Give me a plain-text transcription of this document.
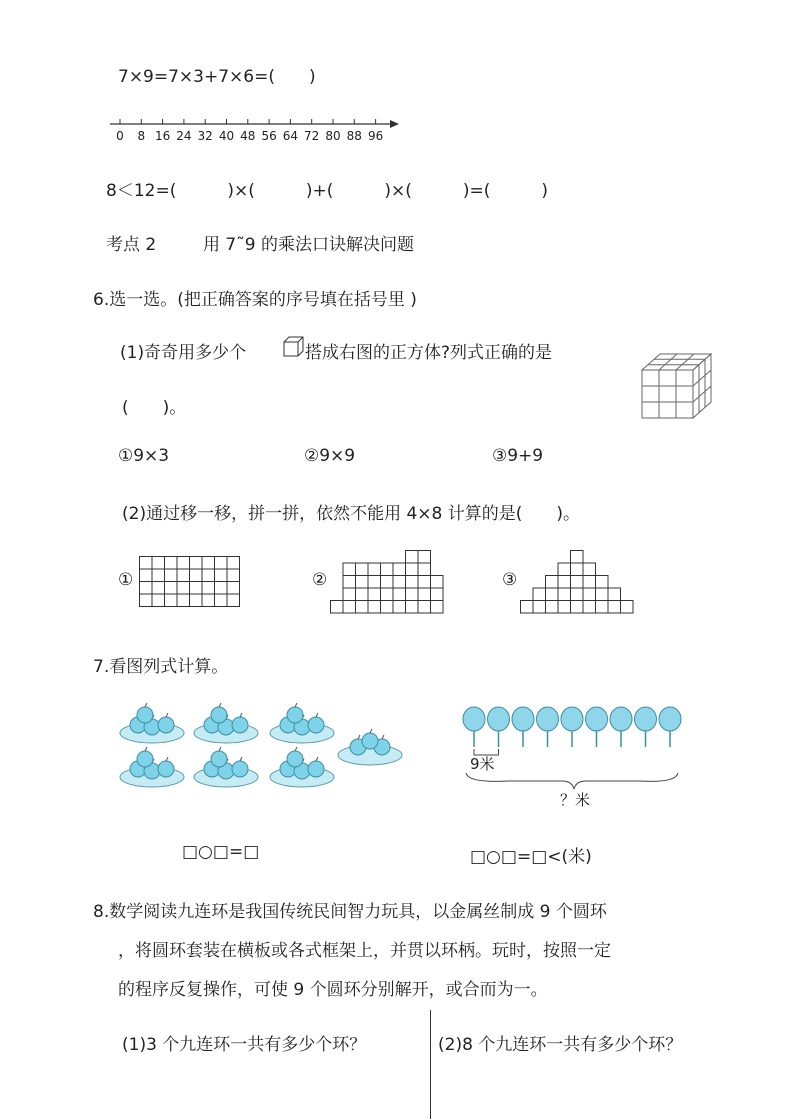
7×9=7×3+7×6=(　　)
0 8 16 24 32 40 48 56 64 72 80 88 96
8＜12=(　　　)×(　　　)+(　　　)×(　　　)=(　　　)
考点 2	用 7˜9 的乘法口诀解决问题
6.选一选。(把正确答案的序号填在括号里 )
(1)奇奇用多少个	搭成右图的正方体?列式正确的是
(　　)。
①9×3	②9×9	③9+9
(2)通过移一移，拼一拼，依然不能用 4×8 计算的是(　　)。
①	②	③
7.看图列式计算。
9米
？米
□○□=□	□○□=□<(米)
8.数学阅读九连环是我国传统民间智力玩具，以金属丝制成 9 个圆环
，将圆环套装在横板或各式框架上，并贯以环柄。玩时，按照一定
的程序反复操作，可使 9 个圆环分别解开，或合而为一。
(1)3 个九连环一共有多少个环？	(2)8 个九连环一共有多少个环？
